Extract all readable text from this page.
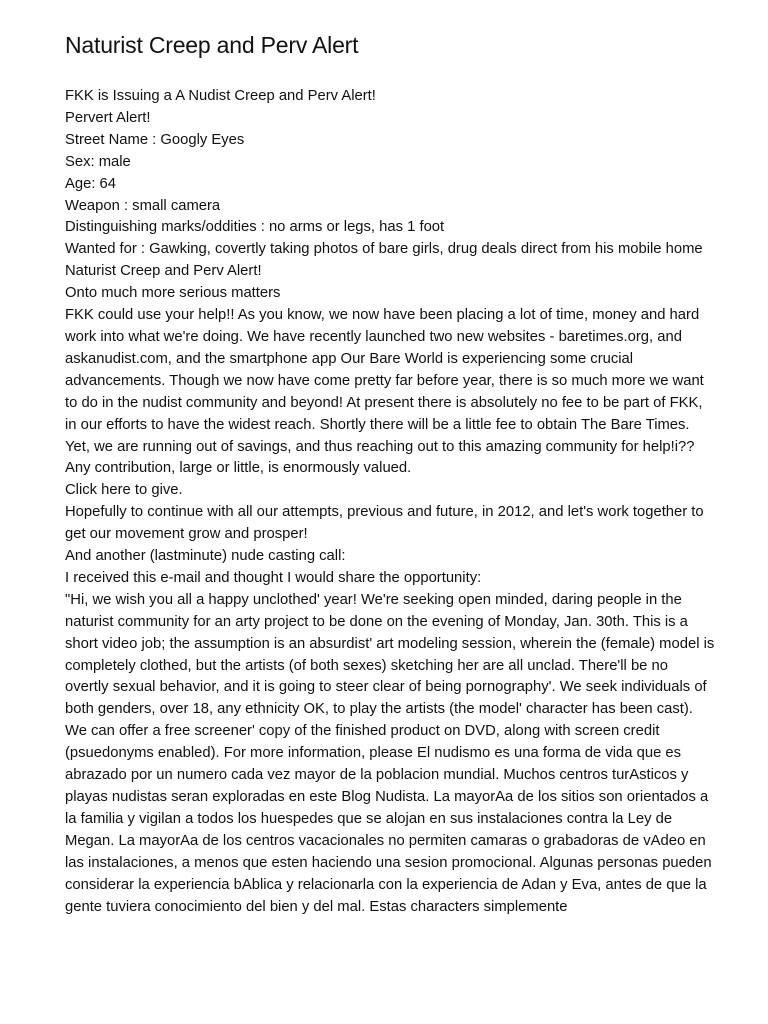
Naturist Creep and Perv Alert

FKK is Issuing a A Nudist Creep and Perv Alert!

Pervert Alert!

Street Name : Googly Eyes

Sex: male

Age: 64

Weapon : small camera

Distinguishing marks/oddities : no arms or legs, has 1 foot

Wanted for : Gawking, covertly taking photos of bare girls, drug deals direct from his mobile home

Naturist Creep and Perv Alert!

Onto much more serious matters

FKK could use your help!! As you know, we now have been placing a lot of time, money and hard work into what we're doing. We have recently launched two new websites - baretimes.org, and askanudist.com, and the smartphone app Our Bare World is experiencing some crucial advancements. Though we now have come pretty far before year, there is so much more we want to do in the nudist community and beyond! At present there is absolutely no fee to be part of FKK, in our efforts to have the widest reach. Shortly there will be a little fee to obtain The Bare Times.

Yet, we are running out of savings, and thus reaching out to this amazing community for help!i??

Any contribution, large or little, is enormously valued.

Click here to give.

Hopefully to continue with all our attempts, previous and future, in 2012, and let's work together to get our movement grow and prosper!

And another (lastminute) nude casting call:

I received this e-mail and thought I would share the opportunity:

"Hi, we wish you all a happy unclothed' year! We're seeking open minded, daring people in the naturist community for an arty project to be done on the evening of Monday, Jan. 30th. This is a short video job; the assumption is an absurdist' art modeling session, wherein the (female) model is completely clothed, but the artists (of both sexes) sketching her are all unclad. There'll be no overtly sexual behavior, and it is going to steer clear of being pornography'. We seek individuals of both genders, over 18, any ethnicity OK, to play the artists (the model' character has been cast). We can offer a free screener' copy of the finished product on DVD, along with screen credit (psuedonyms enabled). For more information, please El nudismo es una forma de vida que es abrazado por un numero cada vez mayor de la poblacion mundial. Muchos centros turAsticos y playas nudistas seran exploradas en este Blog Nudista. La mayorAa de los sitios son orientados a la familia y vigilan a todos los huespedes que se alojan en sus instalaciones contra la Ley de Megan. La mayorAa de los centros vacacionales no permiten camaras o grabadoras de vAdeo en las instalaciones, a menos que esten haciendo una sesion promocional. Algunas personas pueden considerar la experiencia bAblica y relacionarla con la experiencia de Adan y Eva, antes de que la gente tuviera conocimiento del bien y del mal. Estas characters simplemente
